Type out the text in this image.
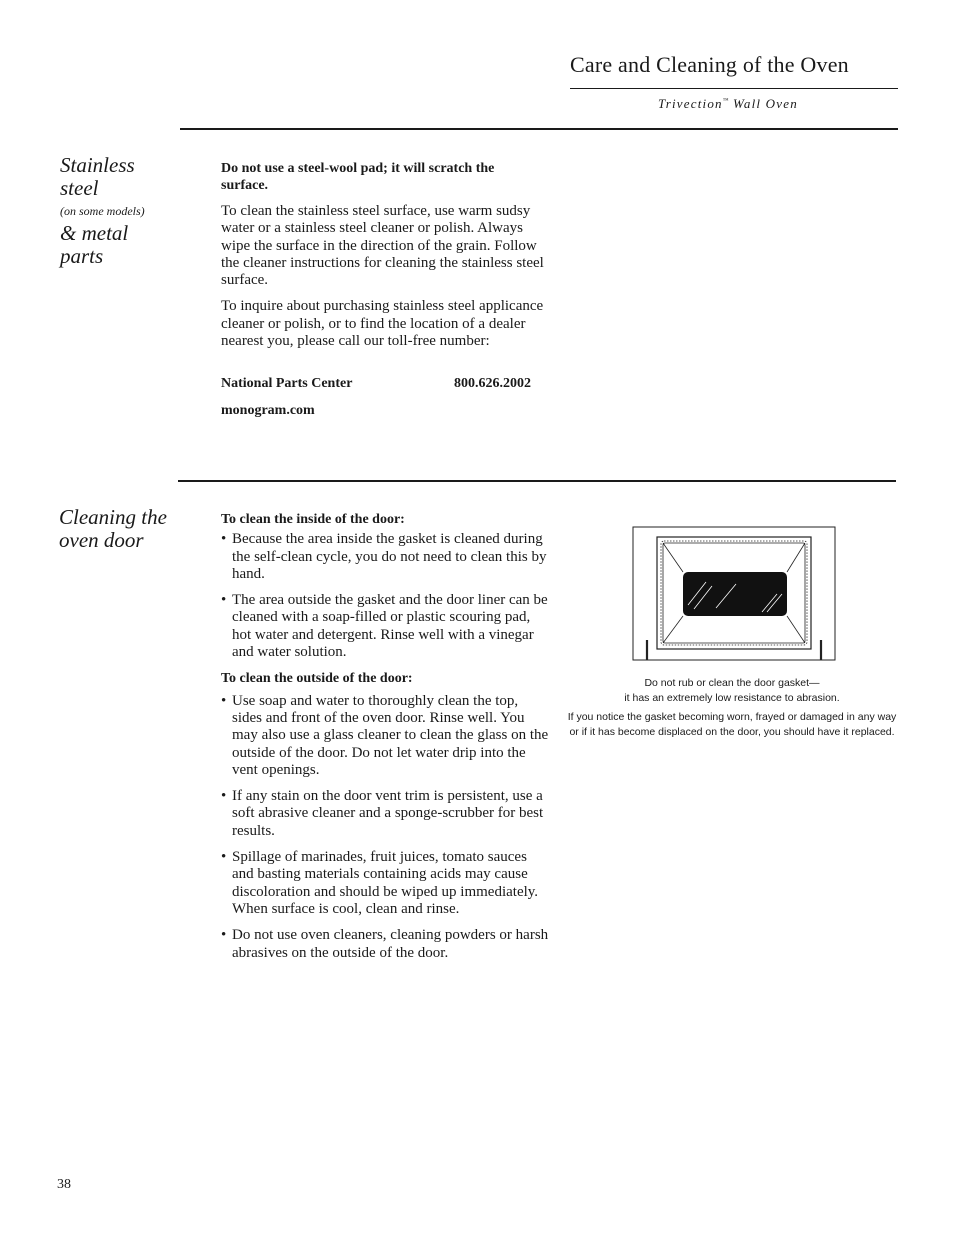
Care and Cleaning of the Oven
Trivection™ Wall Oven
Stainless
steel
(on some models)
& metal
parts

Do not use a steel-wool pad; it will scratch the surface.

To clean the stainless steel surface, use warm sudsy water or a stainless steel cleaner or polish. Always wipe the surface in the direction of the grain. Follow the cleaner instructions for cleaning the stainless steel surface.

To inquire about purchasing stainless steel applicance cleaner or polish, or to find the location of a dealer nearest you, please call our toll-free number:

National Parts Center	800.626.2002
monogram.com
Cleaning the
oven door

To clean the inside of the door:

• Because the area inside the gasket is cleaned during the self-clean cycle, you do not need to clean this by hand.

• The area outside the gasket and the door liner can be cleaned with a soap-filled or plastic scouring pad, hot water and detergent. Rinse well with a vinegar and water solution.

To clean the outside of the door:

• Use soap and water to thoroughly clean the top, sides and front of the oven door. Rinse well. You may also use a glass cleaner to clean the glass on the outside of the door. Do not let water drip into the vent openings.

• If any stain on the door vent trim is persistent, use a soft abrasive cleaner and a sponge-scrubber for best results.

• Spillage of marinades, fruit juices, tomato sauces and basting materials containing acids may cause discoloration and should be wiped up immediately. When surface is cool, clean and rinse.

• Do not use oven cleaners, cleaning powders or harsh abrasives on the outside of the door.

Do not rub or clean the door gasket—
it has an extremely low resistance to abrasion.
If you notice the gasket becoming worn, frayed or damaged in any way
or if it has become displaced on the door, you should have it replaced.
38
